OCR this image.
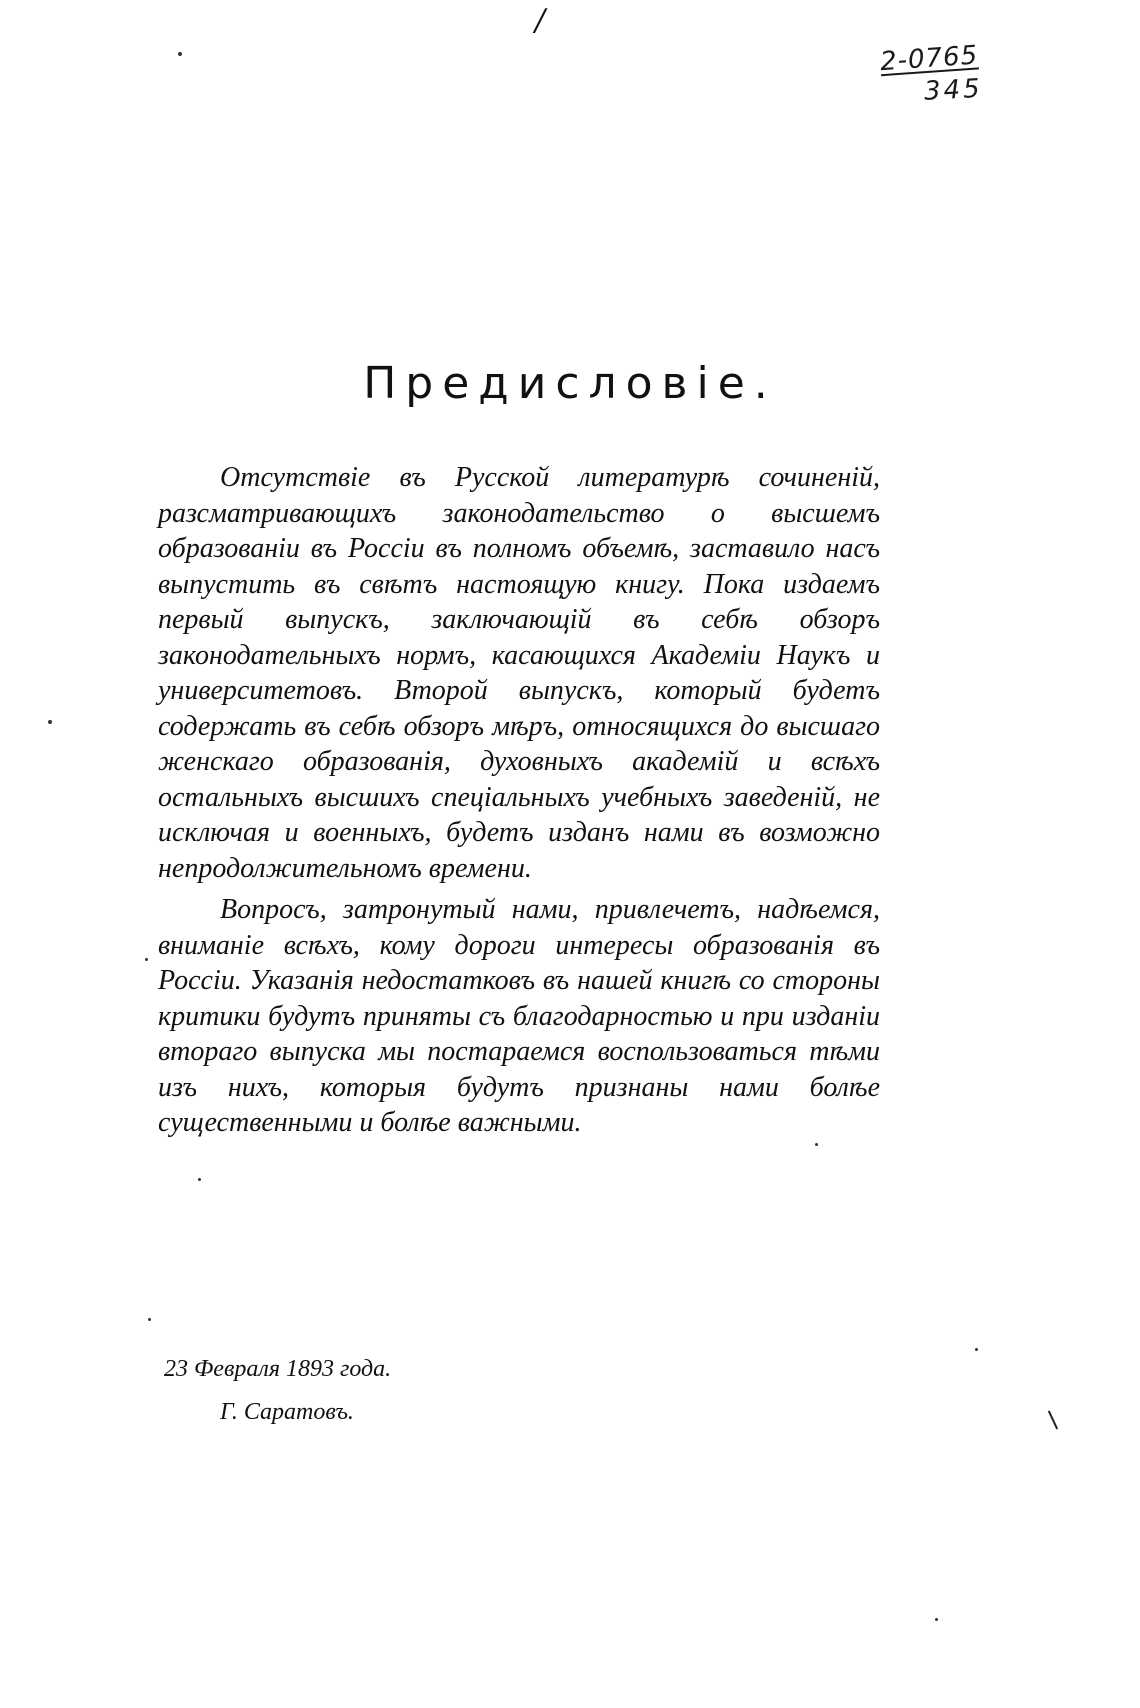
/
2-0765
345
Предисловіе.

Отсутствіе въ Русской литературѣ сочиненій, разсматривающихъ законодательство о высшемъ образованіи въ Россіи въ полномъ объемѣ, заставило насъ выпустить въ свѣтъ настоящую книгу. Пока издаемъ первый выпускъ, заключающій въ себѣ обзоръ законодательныхъ нормъ, касающихся Академіи Наукъ и университетовъ. Второй выпускъ, который будетъ содержать въ себѣ обзоръ мѣръ, относящихся до высшаго женскаго образованія, духовныхъ академій и всѣхъ остальныхъ высшихъ спеціальныхъ учебныхъ заведеній, не исключая и военныхъ, будетъ изданъ нами въ возможно непродолжительномъ времени.

Вопросъ, затронутый нами, привлечетъ, надѣемся, вниманіе всѣхъ, кому дороги интересы образованія въ Россіи. Указанія недостатковъ въ нашей книгѣ со стороны критики будутъ приняты съ благодарностью и при изданіи втораго выпуска мы постараемся воспользоваться тѣми изъ нихъ, которыя будутъ признаны нами болѣе существенными и болѣе важными.

23 Февраля 1893 года.
Г. Саратовъ.
